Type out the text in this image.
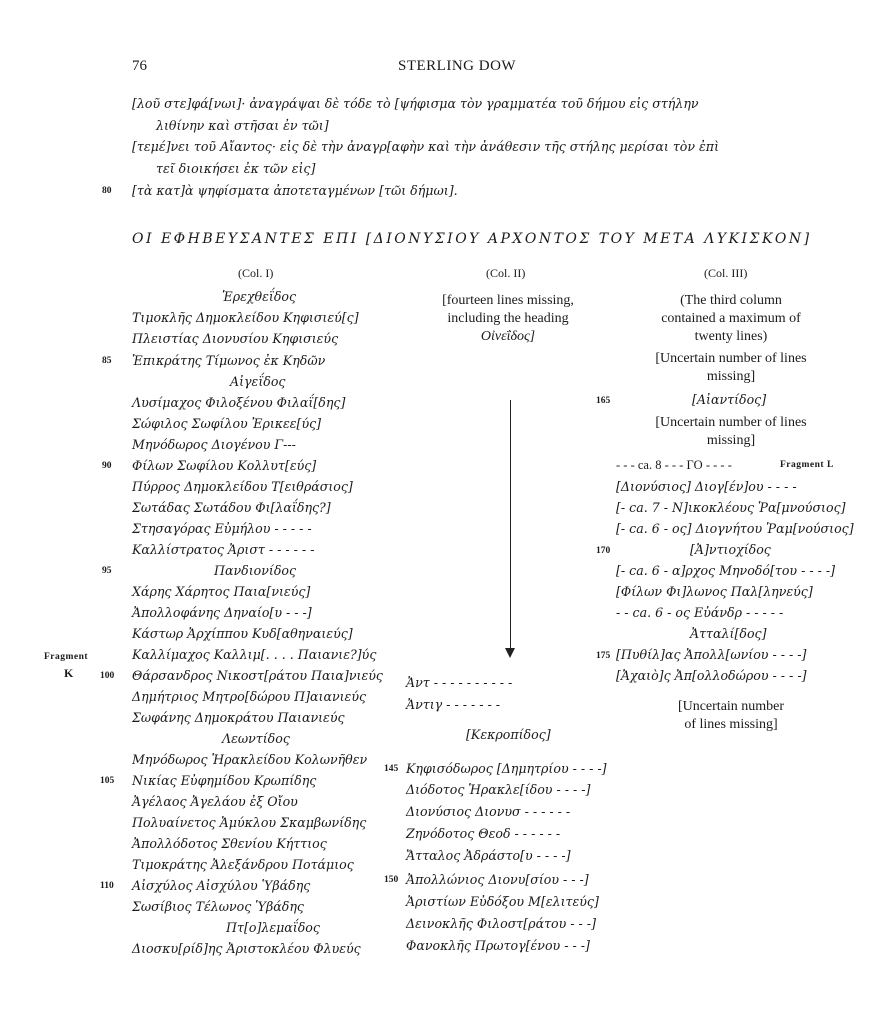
76	STERLING DOW
[λοῦ στε]φά[νωι]· ἀναγράψαι δὲ τόδε τὸ [ψήφισμα τὸν γραμματέα τοῦ δήμου εἰς στήλην
λιθίνην καὶ στῆσαι ἐν τῶι]
[τεμέ]νει τοῦ Αἴαντος· εἰς δὲ τὴν ἀναγρ[αφὴν καὶ τὴν ἀνάθεσιν τῆς στήλης μερίσαι τὸν ἐπὶ
τεῖ διοικήσει ἐκ τῶν εἰς]
80 [τὰ κατ]ὰ ψηφίσματα ἀποτεταγμένων [τῶι δήμωι].
ΟΙ ΕΦΗΒΕΥΣΑΝΤΕΣ ΕΠΙ [ΔΙΟΝΥΣΙΟΥ ΑΡΧΟΝΤΟΣ ΤΟΥ ΜΕΤΑ ΛΥΚΙΣΚΟΝ]
(Col. I)	(Col. II)	(Col. III)
Ἐρεχθεΐδος
Τιμοκλῆς Δημοκλείδου Κηφισιεύ[ς]
Πλειστίας Διονυσίου Κηφισιεύς
85 Ἐπικράτης Τίμωνος ἐκ Κηδῶν
Αἰγεΐδος
Λυσίμαχος Φιλοξένου Φιλαΐ[δης]
Σώφιλος Σωφίλου Ἐρικεε[ύς]
Μηνόδωρος Διογένου Γ---
90 Φίλων Σωφίλου Κολλυτ[εύς]
Πύρρος Δημοκλείδου Τ[ειθράσιος]
Σωτάδας Σωτάδου Φι[λαΐδης?]
Στησαγόρας Εὐμήλου - - - - -
Καλλίστρατος Ἀριστ - - - - - -
95	Πανδιονίδος
Χάρης Χάρητος Παια[νιεύς]
Ἀπολλοφάνης Δηναίο[υ - - -]
Κάστωρ Ἀρχίππου Κυδ[αθηναιεύς]
Καλλίμαχος Καλλιμ[. . . . Παιανιε?]ύς
100 Θάρσανδρος Νικοστ[ράτου Παια]νιεύς
Δημήτριος Μητρο[δώρου Π]αιανιεύς
Σωφάνης Δημοκράτου Παιανιεύς
Λεωντίδος
Μηνόδωρος Ἡρακλείδου Κολωνῆθεν
105 Νικίας Εὐφημίδου Κρωπίδης
Ἀγέλαος Ἀγελάου ἐξ Οἴου
Πολυαίνετος Ἀμύκλου Σκαμβωνίδης
Ἀπολλόδοτος Σθενίου Κήττιος
Τιμοκράτης Ἀλεξάνδρου Ποτάμιος
110 Αἰσχύλος Αἰσχύλου Ὑβάδης
Σωσίβιος Τέλωνος Ὑβάδης
Πτ[ο]λεμαΐδος
Διοσκυ[ρίδ]ης Ἀριστοκλέου Φλυεύς
Fragment
K
[fourteen lines missing, including the heading Οἰνεΐδος]
Ἀντ - - - - - - - - - -
Ἀντιγ - - - - - - -
[Κεκροπίδος]
145 Κηφισόδωρος [Δημητρίου - - - -]
Διόδοτος Ἡρακλε[ίδου - - - -]
Διονύσιος Διονυσ - - - - - -
Ζηνόδοτος Θεοδ - - - - - -
Ἄτταλος Ἀδράστο[υ - - - -]
150 Ἀπολλώνιος Διονυ[σίου - - -]
Ἀριστίων Εὐδόξου Μ[ελιτεύς]
Δεινοκλῆς Φιλοστ[ράτου - - -]
Φανοκλῆς Πρωτογ[ένου - - -]
(The third column contained a maximum of twenty lines)
[Uncertain number of lines missing]
165	[Αἰαντίδος]
[Uncertain number of lines missing]
- - - ca. 8 - - - ΓΟ - - - -	Fragment L
[Διονύσιος] Διογ[έν]ου - - - -
[- ca. 7 - Ν]ικοκλέους Ῥα[μνούσιος]
[- ca. 6 - ος] Διογνήτου Ῥαμ[νούσιος]
170	[Ἀ]ντιοχίδος
[- ca. 6 - α]ρχος Μηνοδό[του - - - -]
[Φίλων Φι]λωνος Παλ[ληνεύς]
- - ca. 6 - ος Εὐάνδρ - - - - -
Ἀτταλί[δος]
175 [Πυθίλ]ας Ἀπολλ[ωνίου - - - -]
[Ἀχαιὸ]ς Ἀπ[ολλοδώρου - - - -]
[Uncertain number of lines missing]
